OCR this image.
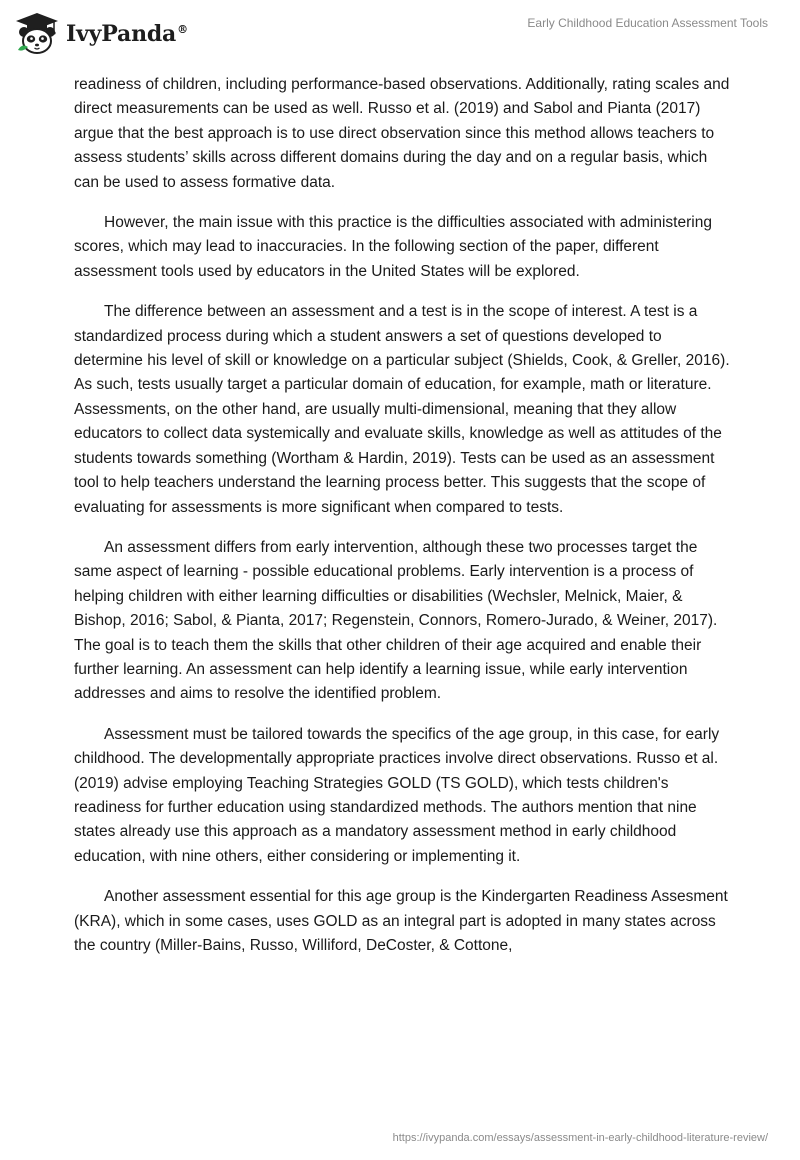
IvyPanda®	Early Childhood Education Assessment Tools

readiness of children, including performance-based observations. Additionally, rating scales and direct measurements can be used as well. Russo et al. (2019) and Sabol and Pianta (2017) argue that the best approach is to use direct observation since this method allows teachers to assess students’ skills across different domains during the day and on a regular basis, which can be used to assess formative data.

However, the main issue with this practice is the difficulties associated with administering scores, which may lead to inaccuracies. In the following section of the paper, different assessment tools used by educators in the United States will be explored.

The difference between an assessment and a test is in the scope of interest. A test is a standardized process during which a student answers a set of questions developed to determine his level of skill or knowledge on a particular subject (Shields, Cook, & Greller, 2016). As such, tests usually target a particular domain of education, for example, math or literature. Assessments, on the other hand, are usually multi-dimensional, meaning that they allow educators to collect data systemically and evaluate skills, knowledge as well as attitudes of the students towards something (Wortham & Hardin, 2019). Tests can be used as an assessment tool to help teachers understand the learning process better. This suggests that the scope of evaluating for assessments is more significant when compared to tests.

An assessment differs from early intervention, although these two processes target the same aspect of learning - possible educational problems. Early intervention is a process of helping children with either learning difficulties or disabilities (Wechsler, Melnick, Maier, & Bishop, 2016; Sabol, & Pianta, 2017; Regenstein, Connors, Romero-Jurado, & Weiner, 2017). The goal is to teach them the skills that other children of their age acquired and enable their further learning. An assessment can help identify a learning issue, while early intervention addresses and aims to resolve the identified problem.

Assessment must be tailored towards the specifics of the age group, in this case, for early childhood. The developmentally appropriate practices involve direct observations. Russo et al. (2019) advise employing Teaching Strategies GOLD (TS GOLD), which tests children's readiness for further education using standardized methods. The authors mention that nine states already use this approach as a mandatory assessment method in early childhood education, with nine others, either considering or implementing it.

Another assessment essential for this age group is the Kindergarten Readiness Assesment (KRA), which in some cases, uses GOLD as an integral part is adopted in many states across the country (Miller-Bains, Russo, Williford, DeCoster, & Cottone,

https://ivypanda.com/essays/assessment-in-early-childhood-literature-review/
